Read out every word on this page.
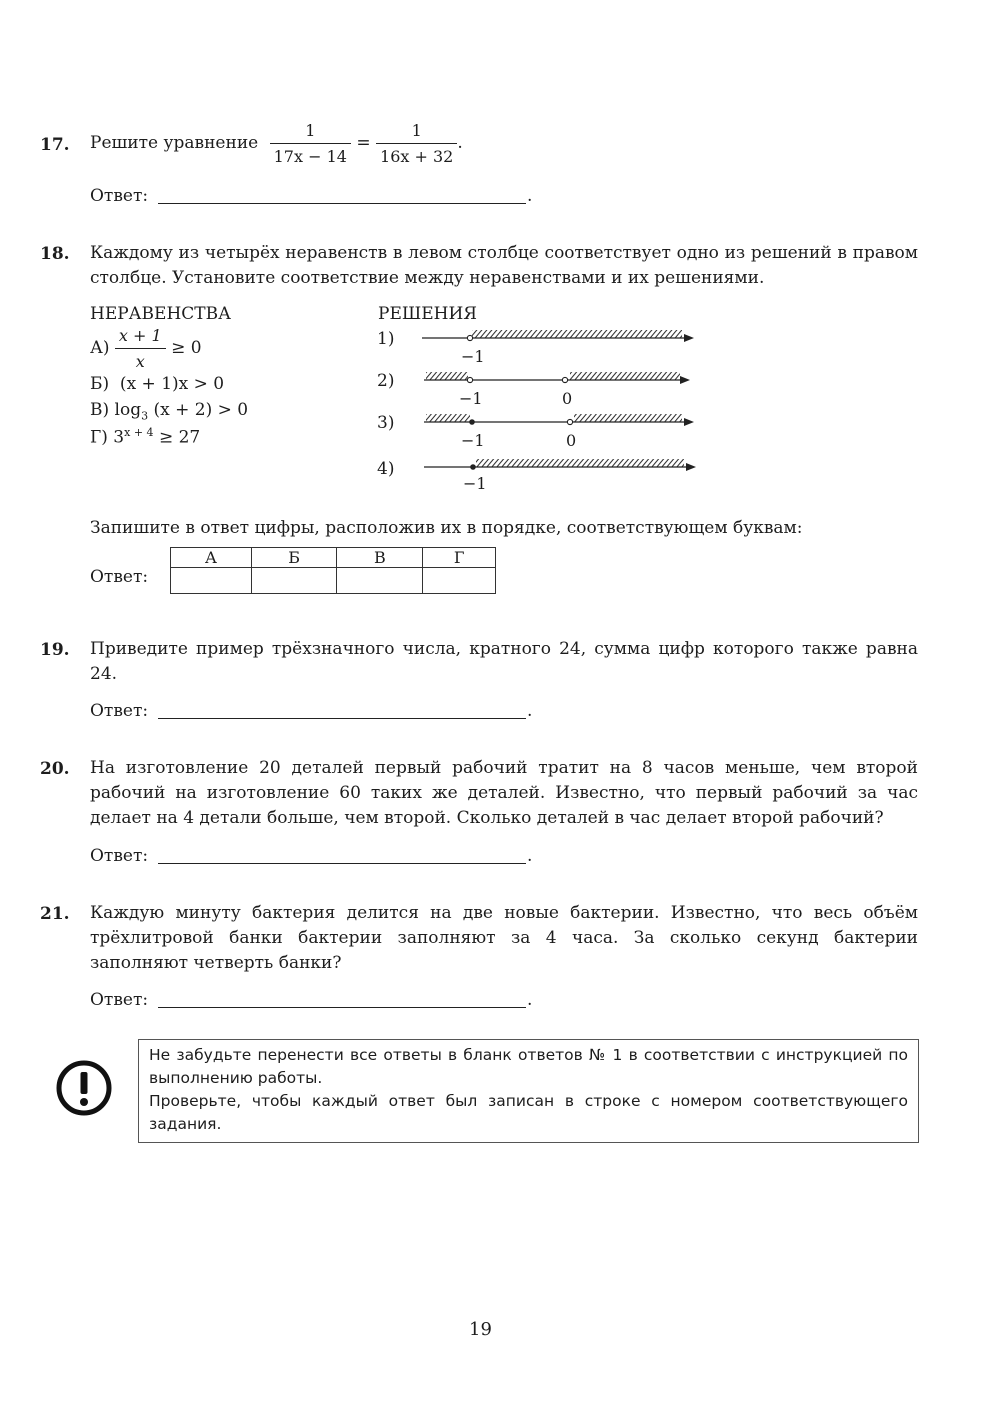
17. Решите уравнение $\frac{1}{17x - 14} = \frac{1}{16x + 32}$ .
Ответ:	.
18. Каждому из четырёх неравенств в левом столбце соответствует одно из решений в правом столбце. Установите соответствие между неравенствами и их решениями.
НЕРАВЕНСТВА	РЕШЕНИЯ
$А) \frac{x + 1}{x} \ge 0$
Б)  (x + 1)x > 0
В) $\log_3 (x + 2) > 0$
Г) $3^{x + 4} \ge 27$
1)
2)
3)
4)
−1
−1	0
−1	0
−1
Запишите в ответ цифры, расположив их в порядке, соответствующем буквам:
Ответ:
А	Б	В	Г

19. Приведите пример трёхзначного числа, кратного 24, сумма цифр которого также равна 24.
Ответ:	.
20. На изготовление 20 деталей первый рабочий тратит на 8 часов меньше, чем второй рабочий на изготовление 60 таких же деталей. Известно, что первый рабочий за час делает на 4 детали больше, чем второй. Сколько деталей в час делает второй рабочий?
Ответ:	.
21. Каждую минуту бактерия делится на две новые бактерии. Известно, что весь объём трёхлитровой банки бактерии заполняют за 4 часа. За сколько секунд бактерии заполняют четверть банки?
Ответ:	.
Не забудьте перенести все ответы в бланк ответов № 1 в соответствии с инструкцией по выполнению работы.
Проверьте, чтобы каждый ответ был записан в строке с номером соответствующего задания.
19
